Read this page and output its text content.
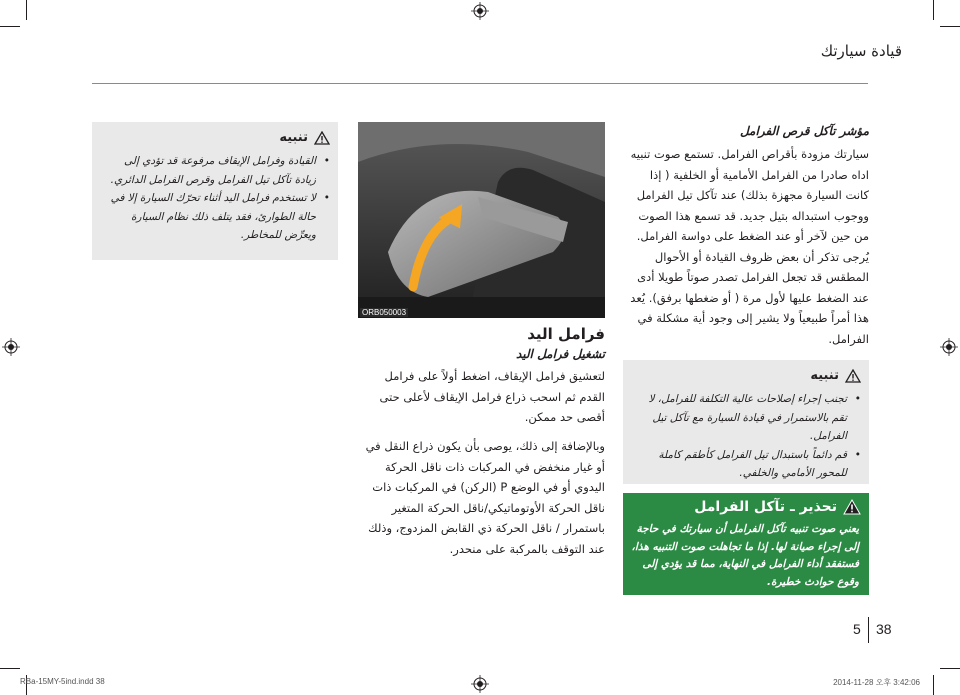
قيادة سيارتك
تنبيه
• القيادة وفرامل الإيقاف مرفوعة قد تؤدي إلى زيادة تآكل تيل الفرامل وقرص الفرامل الدائري.
• لا تستخدم فرامل اليد أثناء تحرّك السيارة إلا في حالة الطوارئ، فقد يتلف ذلك نظام السيارة ويعرِّض للمخاطر.
ORB050003
فرامل اليد
تشغيل فرامل اليد
لتعشيق فرامل الإيقاف، اضغط أولاً على فرامل القدم ثم اسحب ذراع فرامل الإيقاف لأعلى حتى أقصى حد ممكن.
وبالإضافة إلى ذلك، يوصى بأن يكون ذراع النقل في أو غيار منخفض في المركبات ذات ناقل الحركة اليدوي أو في الوضع P (الركن) في المركبات ذات ناقل الحركة الأوتوماتيكي/ناقل الحركة المتغير باستمرار / ناقل الحركة ذي القابض المزدوج، وذلك عند التوقف بالمركبة على منحدر.
مؤشر تآكل قرص الفرامل
سيارتك مزودة بأقراص الفرامل. تستمع صوت تنبيه اداه صادرا من الفرامل الأمامية أو الخلفية ( إذا كانت السيارة مجهزة بذلك) عند تآكل تيل الفرامل ووجوب استبداله بتيل جديد. قد تسمع هذا الصوت من حين لآخر أو عند الضغط على دواسة الفرامل. يُرجى تذكر أن بعض ظروف القيادة أو الأحوال المطقس قد تجعل الفرامل تصدر صوتاً طويلا أدى عند الضغط عليها لأول مرة ( أو ضغطها برفق). يُعد هذا أمراً طبيعياً ولا يشير إلى وجود أية مشكلة في الفرامل.
تنبيه
• تجنب إجراء إصلاحات عالية التكلفة للفرامل، لا تقم بالاستمرار في قيادة السيارة مع تآكل تيل الفرامل.
• قم دائماً باستبدال تيل الفرامل كأطقم كاملة للمحور الأمامي والخلفي.
تحذير ـ تآكل الفرامل
يعني صوت تنبيه تآكل الفرامل أن سيارتك في حاجة إلى إجراء صيانة لها. إذا ما تجاهلت صوت التنبيه هذا، فستفقد أداء الفرامل في النهاية، مما قد يؤدي إلى وقوع حوادث خطيرة.
5 38
RBa-15MY-5ind.indd 38	2014-11-28 오후 3:42:06
